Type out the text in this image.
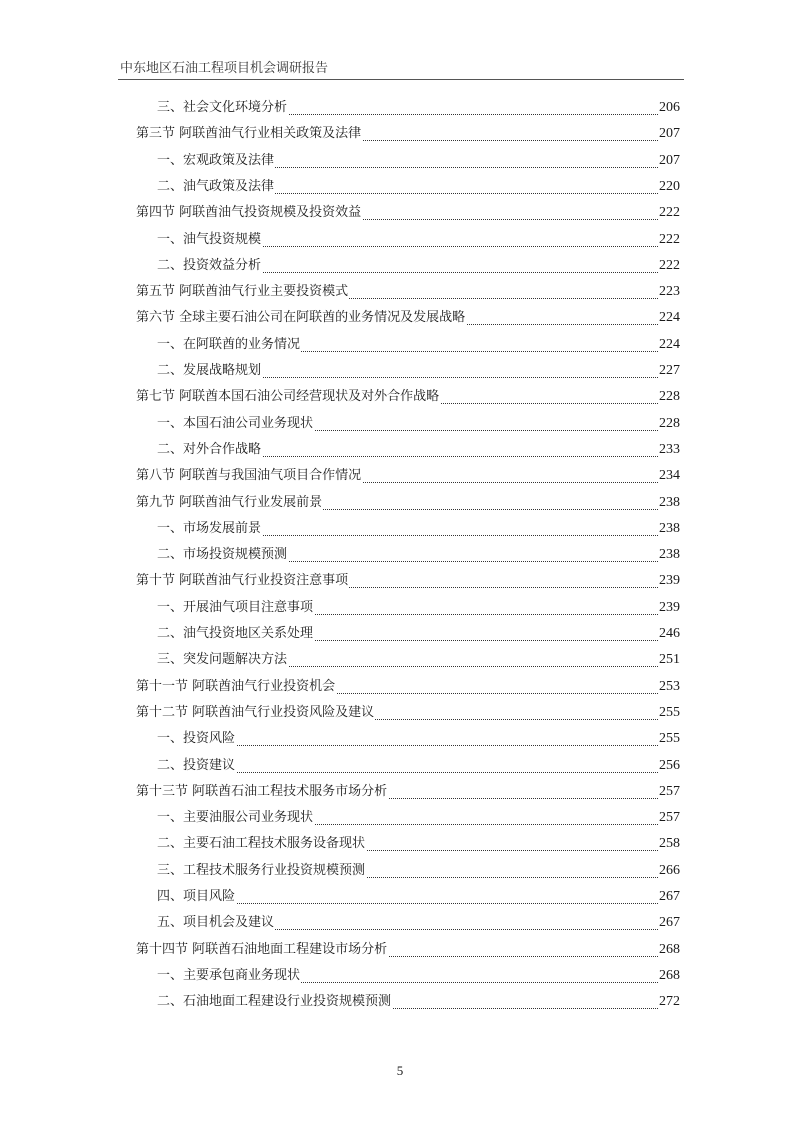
中东地区石油工程项目机会调研报告
三、社会文化环境分析	206
第三节 阿联酋油气行业相关政策及法律	207
一、宏观政策及法律	207
二、油气政策及法律	220
第四节 阿联酋油气投资规模及投资效益	222
一、油气投资规模	222
二、投资效益分析	222
第五节 阿联酋油气行业主要投资模式	223
第六节 全球主要石油公司在阿联酋的业务情况及发展战略	224
一、在阿联酋的业务情况	224
二、发展战略规划	227
第七节 阿联酋本国石油公司经营现状及对外合作战略	228
一、本国石油公司业务现状	228
二、对外合作战略	233
第八节 阿联酋与我国油气项目合作情况	234
第九节 阿联酋油气行业发展前景	238
一、市场发展前景	238
二、市场投资规模预测	238
第十节 阿联酋油气行业投资注意事项	239
一、开展油气项目注意事项	239
二、油气投资地区关系处理	246
三、突发问题解决方法	251
第十一节 阿联酋油气行业投资机会	253
第十二节 阿联酋油气行业投资风险及建议	255
一、投资风险	255
二、投资建议	256
第十三节 阿联酋石油工程技术服务市场分析	257
一、主要油服公司业务现状	257
二、主要石油工程技术服务设备现状	258
三、工程技术服务行业投资规模预测	266
四、项目风险	267
五、项目机会及建议	267
第十四节 阿联酋石油地面工程建设市场分析	268
一、主要承包商业务现状	268
二、石油地面工程建设行业投资规模预测	272
5
